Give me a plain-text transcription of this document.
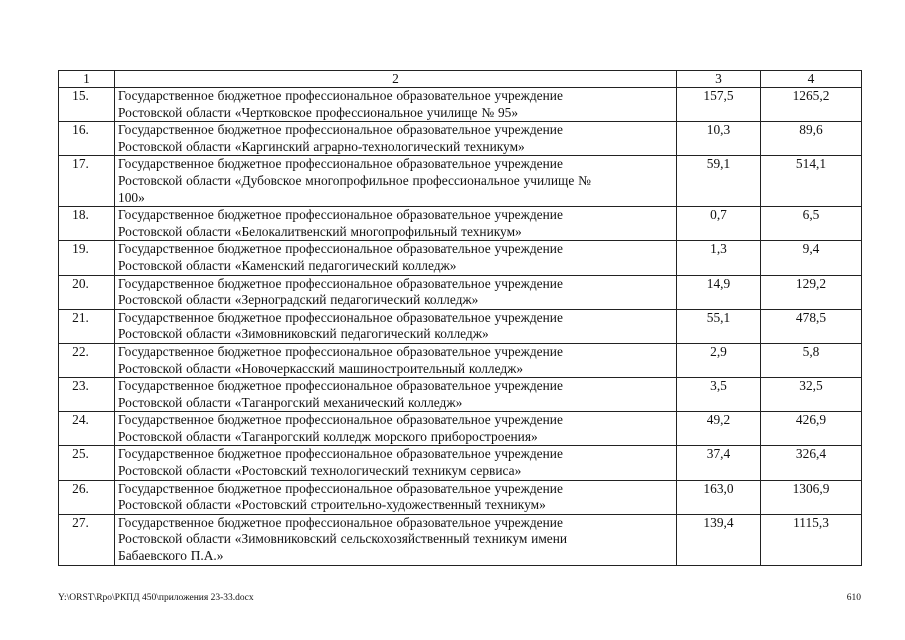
1	2	3	4
15.	Государственное бюджетное профессиональное образовательное учреждение
Ростовской области «Чертковское профессиональное училище № 95»	157,5	1265,2
16.	Государственное бюджетное профессиональное образовательное учреждение
Ростовской области «Каргинский аграрно-технологический техникум»	10,3	89,6
17.	Государственное бюджетное профессиональное образовательное учреждение
Ростовской области «Дубовское многопрофильное профессиональное училище №
100»	59,1	514,1
18.	Государственное бюджетное профессиональное образовательное учреждение
Ростовской области «Белокалитвенский многопрофильный техникум»	0,7	6,5
19.	Государственное бюджетное профессиональное образовательное учреждение
Ростовской области «Каменский педагогический колледж»	1,3	9,4
20.	Государственное бюджетное профессиональное образовательное учреждение
Ростовской области «Зерноградский педагогический колледж»	14,9	129,2
21.	Государственное бюджетное профессиональное образовательное учреждение
Ростовской области «Зимовниковский педагогический колледж»	55,1	478,5
22.	Государственное бюджетное профессиональное образовательное учреждение
Ростовской области «Новочеркасский машиностроительный колледж»	2,9	5,8
23.	Государственное бюджетное профессиональное образовательное учреждение
Ростовской области «Таганрогский механический колледж»	3,5	32,5
24.	Государственное бюджетное профессиональное образовательное учреждение
Ростовской области «Таганрогский колледж морского приборостроения»	49,2	426,9
25.	Государственное бюджетное профессиональное образовательное учреждение
Ростовской области «Ростовский технологический техникум сервиса»	37,4	326,4
26.	Государственное бюджетное профессиональное образовательное учреждение
Ростовской области «Ростовский строительно-художественный техникум»	163,0	1306,9
27.	Государственное бюджетное профессиональное образовательное учреждение
Ростовской области «Зимовниковский сельскохозяйственный техникум имени
Бабаевского П.А.»	139,4	1115,3
Y:\ORST\Rpo\РКПД 450\приложения 23-33.docx	610
